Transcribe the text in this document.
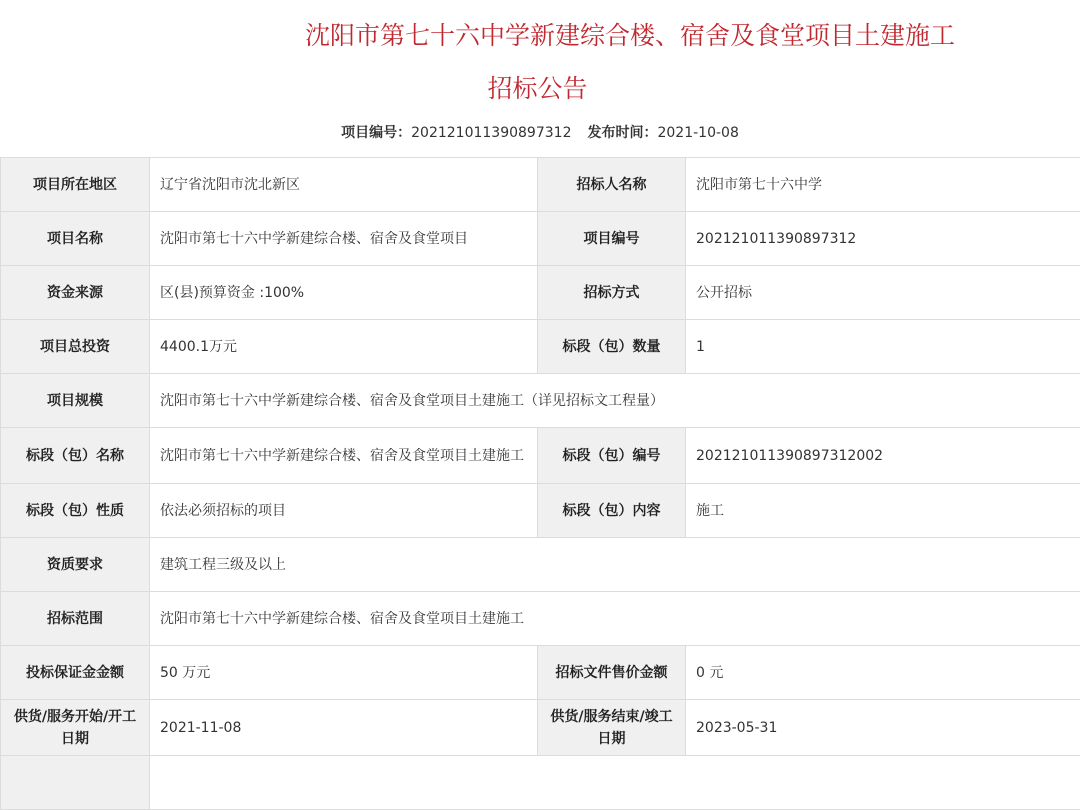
沈阳市第七十六中学新建综合楼、宿舍及食堂项目土建施工
招标公告
项目编号：202121011390897312 发布时间：2021-10-08
项目所在地区	辽宁省沈阳市沈北新区	招标人名称	沈阳市第七十六中学
项目名称	沈阳市第七十六中学新建综合楼、宿舍及食堂项目	项目编号	202121011390897312
资金来源	区(县)预算资金 :100%	招标方式	公开招标
项目总投资	4400.1万元	标段（包）数量	1
项目规模	沈阳市第七十六中学新建综合楼、宿舍及食堂项目土建施工（详见招标文工程量）		
标段（包）名称	沈阳市第七十六中学新建综合楼、宿舍及食堂项目土建施工	标段（包）编号	202121011390897312002
标段（包）性质	依法必须招标的项目	标段（包）内容	施工
资质要求	建筑工程三级及以上		
招标范围	沈阳市第七十六中学新建综合楼、宿舍及食堂项目土建施工		
投标保证金金额	50 万元	招标文件售价金额	0 元
供货/服务开始/开工日期	2021-11-08	供货/服务结束/竣工日期	2023-05-31
